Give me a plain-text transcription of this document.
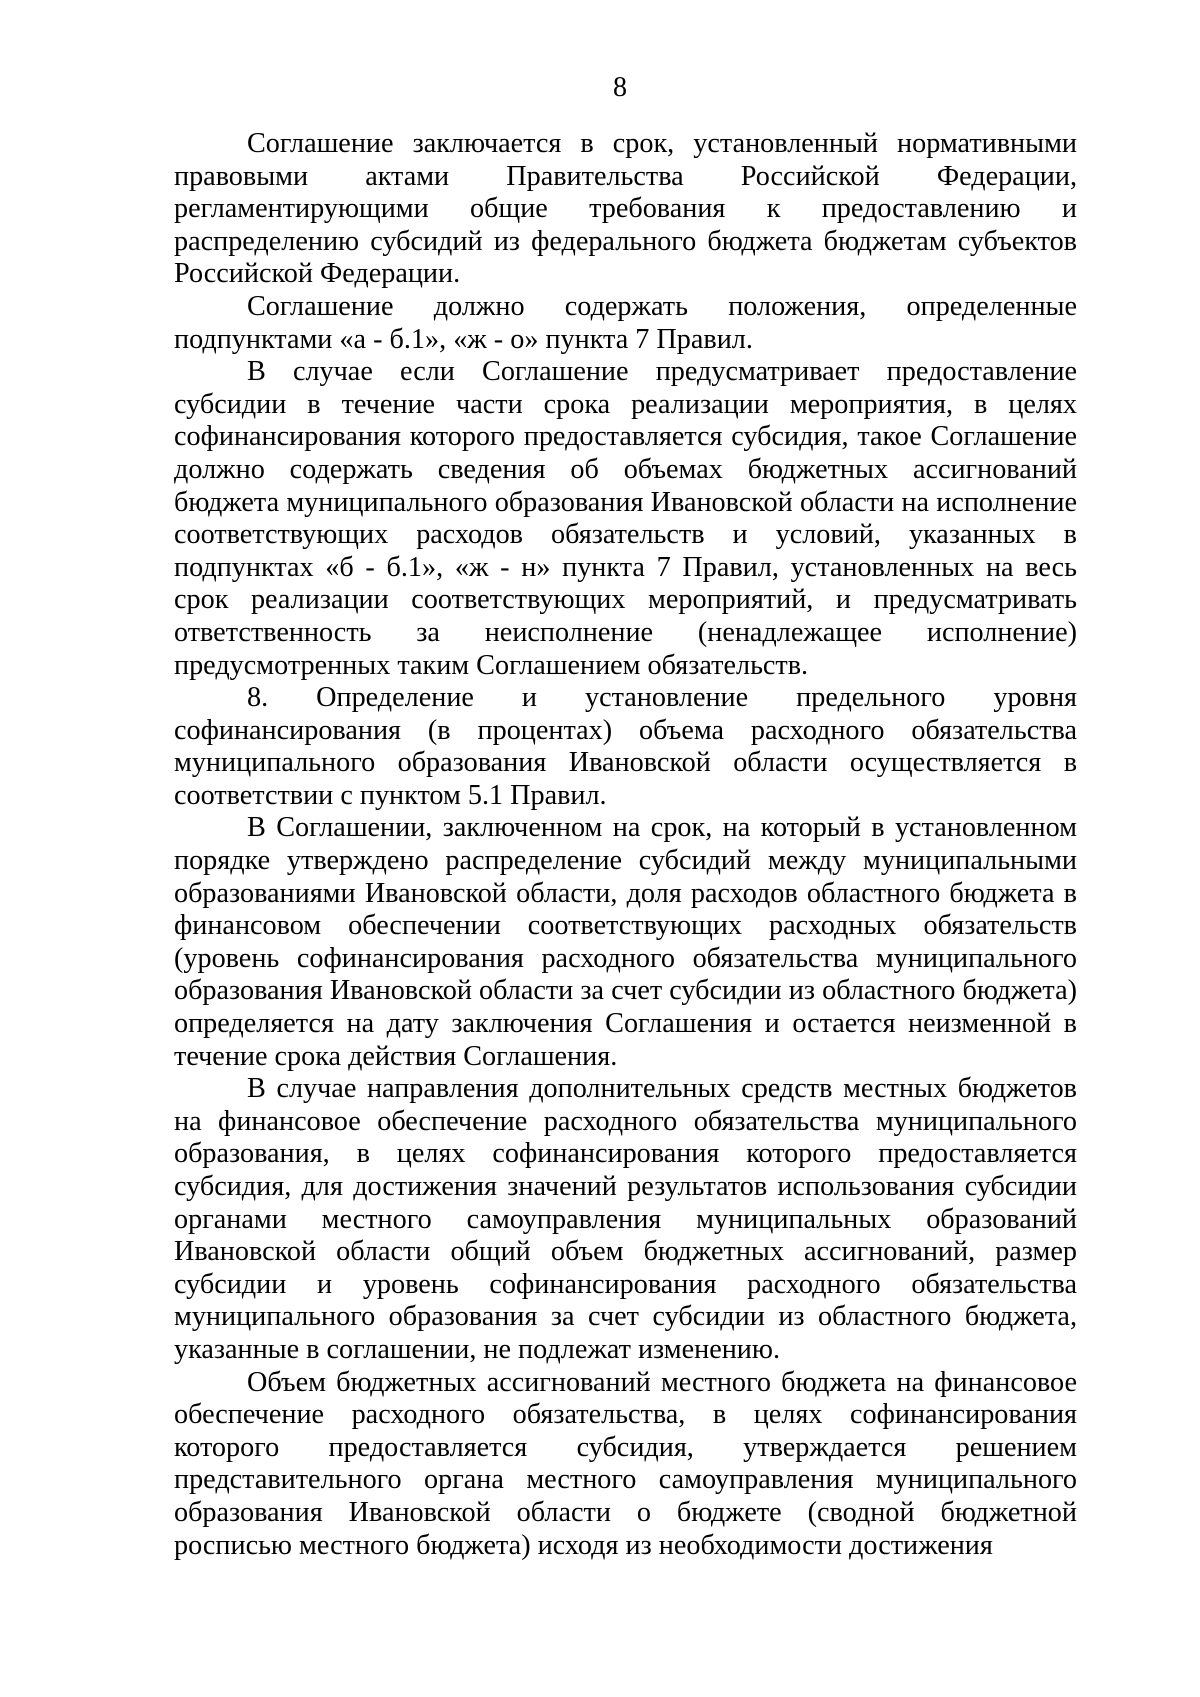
8

Соглашение заключается в срок, установленный нормативными правовыми актами Правительства Российской Федерации, регламентирующими общие требования к предоставлению и распределению субсидий из федерального бюджета бюджетам субъектов Российской Федерации.

Соглашение должно содержать положения, определенные подпунктами «а - б.1», «ж - о» пункта 7 Правил.

В случае если Соглашение предусматривает предоставление субсидии в течение части срока реализации мероприятия, в целях софинансирования которого предоставляется субсидия, такое Соглашение должно содержать сведения об объемах бюджетных ассигнований бюджета муниципального образования Ивановской области на исполнение соответствующих расходов обязательств и условий, указанных в подпунктах «б - б.1», «ж - н» пункта 7 Правил, установленных на весь срок реализации соответствующих мероприятий, и предусматривать ответственность за неисполнение (ненадлежащее исполнение) предусмотренных таким Соглашением обязательств.

8. Определение и установление предельного уровня софинансирования (в процентах) объема расходного обязательства муниципального образования Ивановской области осуществляется в соответствии с пунктом 5.1 Правил.

В Соглашении, заключенном на срок, на который в установленном порядке утверждено распределение субсидий между муниципальными образованиями Ивановской области, доля расходов областного бюджета в финансовом обеспечении соответствующих расходных обязательств (уровень софинансирования расходного обязательства муниципального образования Ивановской области за счет субсидии из областного бюджета) определяется на дату заключения Соглашения и остается неизменной в течение срока действия Соглашения.

В случае направления дополнительных средств местных бюджетов на финансовое обеспечение расходного обязательства муниципального образования, в целях софинансирования которого предоставляется субсидия, для достижения значений результатов использования субсидии органами местного самоуправления муниципальных образований Ивановской области общий объем бюджетных ассигнований, размер субсидии и уровень софинансирования расходного обязательства муниципального образования за счет субсидии из областного бюджета, указанные в соглашении, не подлежат изменению.

Объем бюджетных ассигнований местного бюджета на финансовое обеспечение расходного обязательства, в целях софинансирования которого предоставляется субсидия, утверждается решением представительного органа местного самоуправления муниципального образования Ивановской области о бюджете (сводной бюджетной росписью местного бюджета) исходя из необходимости достижения
